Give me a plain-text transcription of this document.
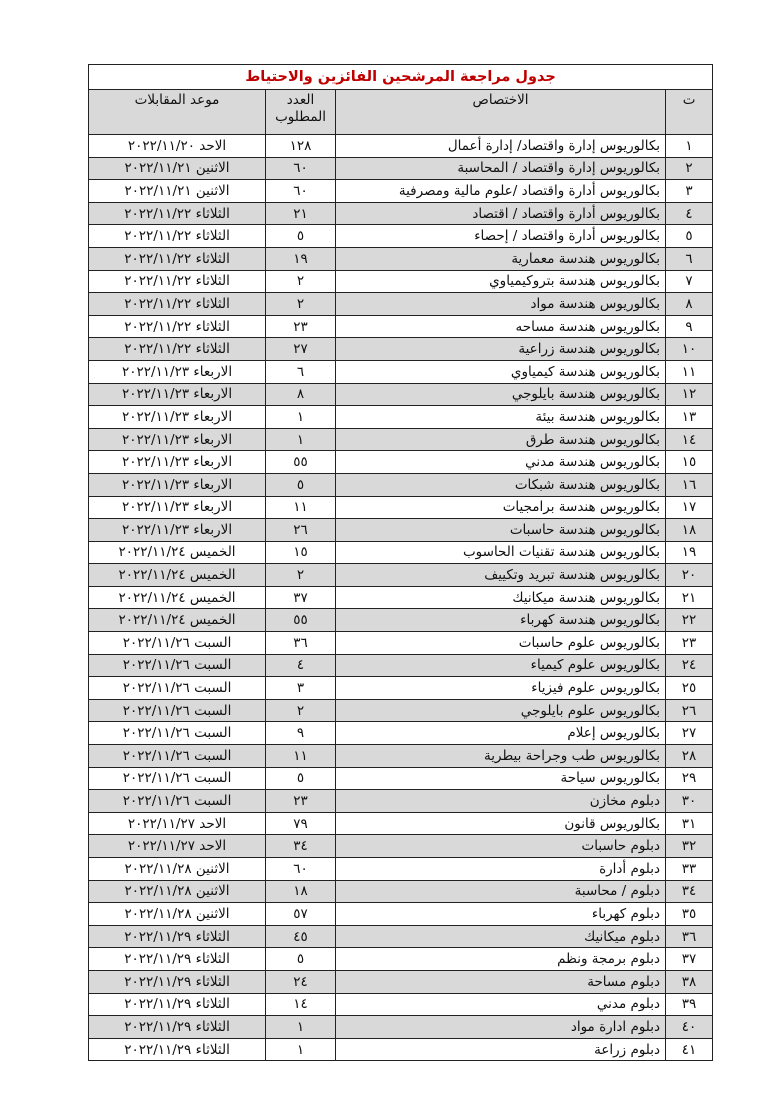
جدول مراجعة المرشحين الفائزين والاحتياط			
ت	الاختصاص	العدد المطلوب	موعد المقابلات
١	بكالوريوس إدارة واقتصاد/ إدارة أعمال	١٢٨	الاحد ٢٠٢٢/١١/٢٠
٢	بكالوريوس إدارة واقتصاد / المحاسبة	٦٠	الاثنين ٢٠٢٢/١١/٢١
٣	بكالوريوس أدارة واقتصاد /علوم مالية ومصرفية	٦٠	الاثنين ٢٠٢٢/١١/٢١
٤	بكالوريوس أدارة واقتصاد / اقتصاد	٢١	الثلاثاء ٢٠٢٢/١١/٢٢
٥	بكالوريوس أدارة واقتصاد / إحصاء	٥	الثلاثاء ٢٠٢٢/١١/٢٢
٦	بكالوريوس هندسة معمارية	١٩	الثلاثاء ٢٠٢٢/١١/٢٢
٧	بكالوريوس هندسة بتروكيمياوي	٢	الثلاثاء ٢٠٢٢/١١/٢٢
٨	بكالوريوس هندسة مواد	٢	الثلاثاء ٢٠٢٢/١١/٢٢
٩	بكالوريوس هندسة مساحه	٢٣	الثلاثاء ٢٠٢٢/١١/٢٢
١٠	بكالوريوس هندسة زراعية	٢٧	الثلاثاء ٢٠٢٢/١١/٢٢
١١	بكالوريوس هندسة كيمياوي	٦	الاربعاء ٢٠٢٢/١١/٢٣
١٢	بكالوريوس هندسة بايلوجي	٨	الاربعاء ٢٠٢٢/١١/٢٣
١٣	بكالوريوس هندسة بيئة	١	الاربعاء ٢٠٢٢/١١/٢٣
١٤	بكالوريوس هندسة طرق	١	الاربعاء ٢٠٢٢/١١/٢٣
١٥	بكالوريوس هندسة مدني	٥٥	الاربعاء ٢٠٢٢/١١/٢٣
١٦	بكالوريوس هندسة شبكات	٥	الاربعاء ٢٠٢٢/١١/٢٣
١٧	بكالوريوس هندسة برامجيات	١١	الاربعاء ٢٠٢٢/١١/٢٣
١٨	بكالوريوس هندسة حاسبات	٢٦	الاربعاء ٢٠٢٢/١١/٢٣
١٩	بكالوريوس هندسة تقنيات الحاسوب	١٥	الخميس ٢٠٢٢/١١/٢٤
٢٠	بكالوريوس هندسة تبريد وتكييف	٢	الخميس ٢٠٢٢/١١/٢٤
٢١	بكالوريوس هندسة ميكانيك	٣٧	الخميس ٢٠٢٢/١١/٢٤
٢٢	بكالوريوس هندسة كهرباء	٥٥	الخميس ٢٠٢٢/١١/٢٤
٢٣	بكالوريوس علوم حاسبات	٣٦	السبت ٢٠٢٢/١١/٢٦
٢٤	بكالوريوس علوم كيمياء	٤	السبت ٢٠٢٢/١١/٢٦
٢٥	بكالوريوس علوم فيزياء	٣	السبت ٢٠٢٢/١١/٢٦
٢٦	بكالوريوس علوم بايلوجي	٢	السبت ٢٠٢٢/١١/٢٦
٢٧	بكالوريوس إعلام	٩	السبت ٢٠٢٢/١١/٢٦
٢٨	بكالوريوس طب وجراحة بيطرية	١١	السبت ٢٠٢٢/١١/٢٦
٢٩	بكالوريوس سياحة	٥	السبت ٢٠٢٢/١١/٢٦
٣٠	دبلوم مخازن	٢٣	السبت ٢٠٢٢/١١/٢٦
٣١	بكالوريوس قانون	٧٩	الاحد ٢٠٢٢/١١/٢٧
٣٢	دبلوم حاسبات	٣٤	الاحد ٢٠٢٢/١١/٢٧
٣٣	دبلوم أدارة	٦٠	الاثنين ٢٠٢٢/١١/٢٨
٣٤	دبلوم / محاسبة	١٨	الاثنين ٢٠٢٢/١١/٢٨
٣٥	دبلوم كهرباء	٥٧	الاثنين ٢٠٢٢/١١/٢٨
٣٦	دبلوم ميكانيك	٤٥	الثلاثاء ٢٠٢٢/١١/٢٩
٣٧	دبلوم برمجة ونظم	٥	الثلاثاء ٢٠٢٢/١١/٢٩
٣٨	دبلوم مساحة	٢٤	الثلاثاء ٢٠٢٢/١١/٢٩
٣٩	دبلوم مدني	١٤	الثلاثاء ٢٠٢٢/١١/٢٩
٤٠	دبلوم ادارة مواد	١	الثلاثاء ٢٠٢٢/١١/٢٩
٤١	دبلوم زراعة	١	الثلاثاء ٢٠٢٢/١١/٢٩
